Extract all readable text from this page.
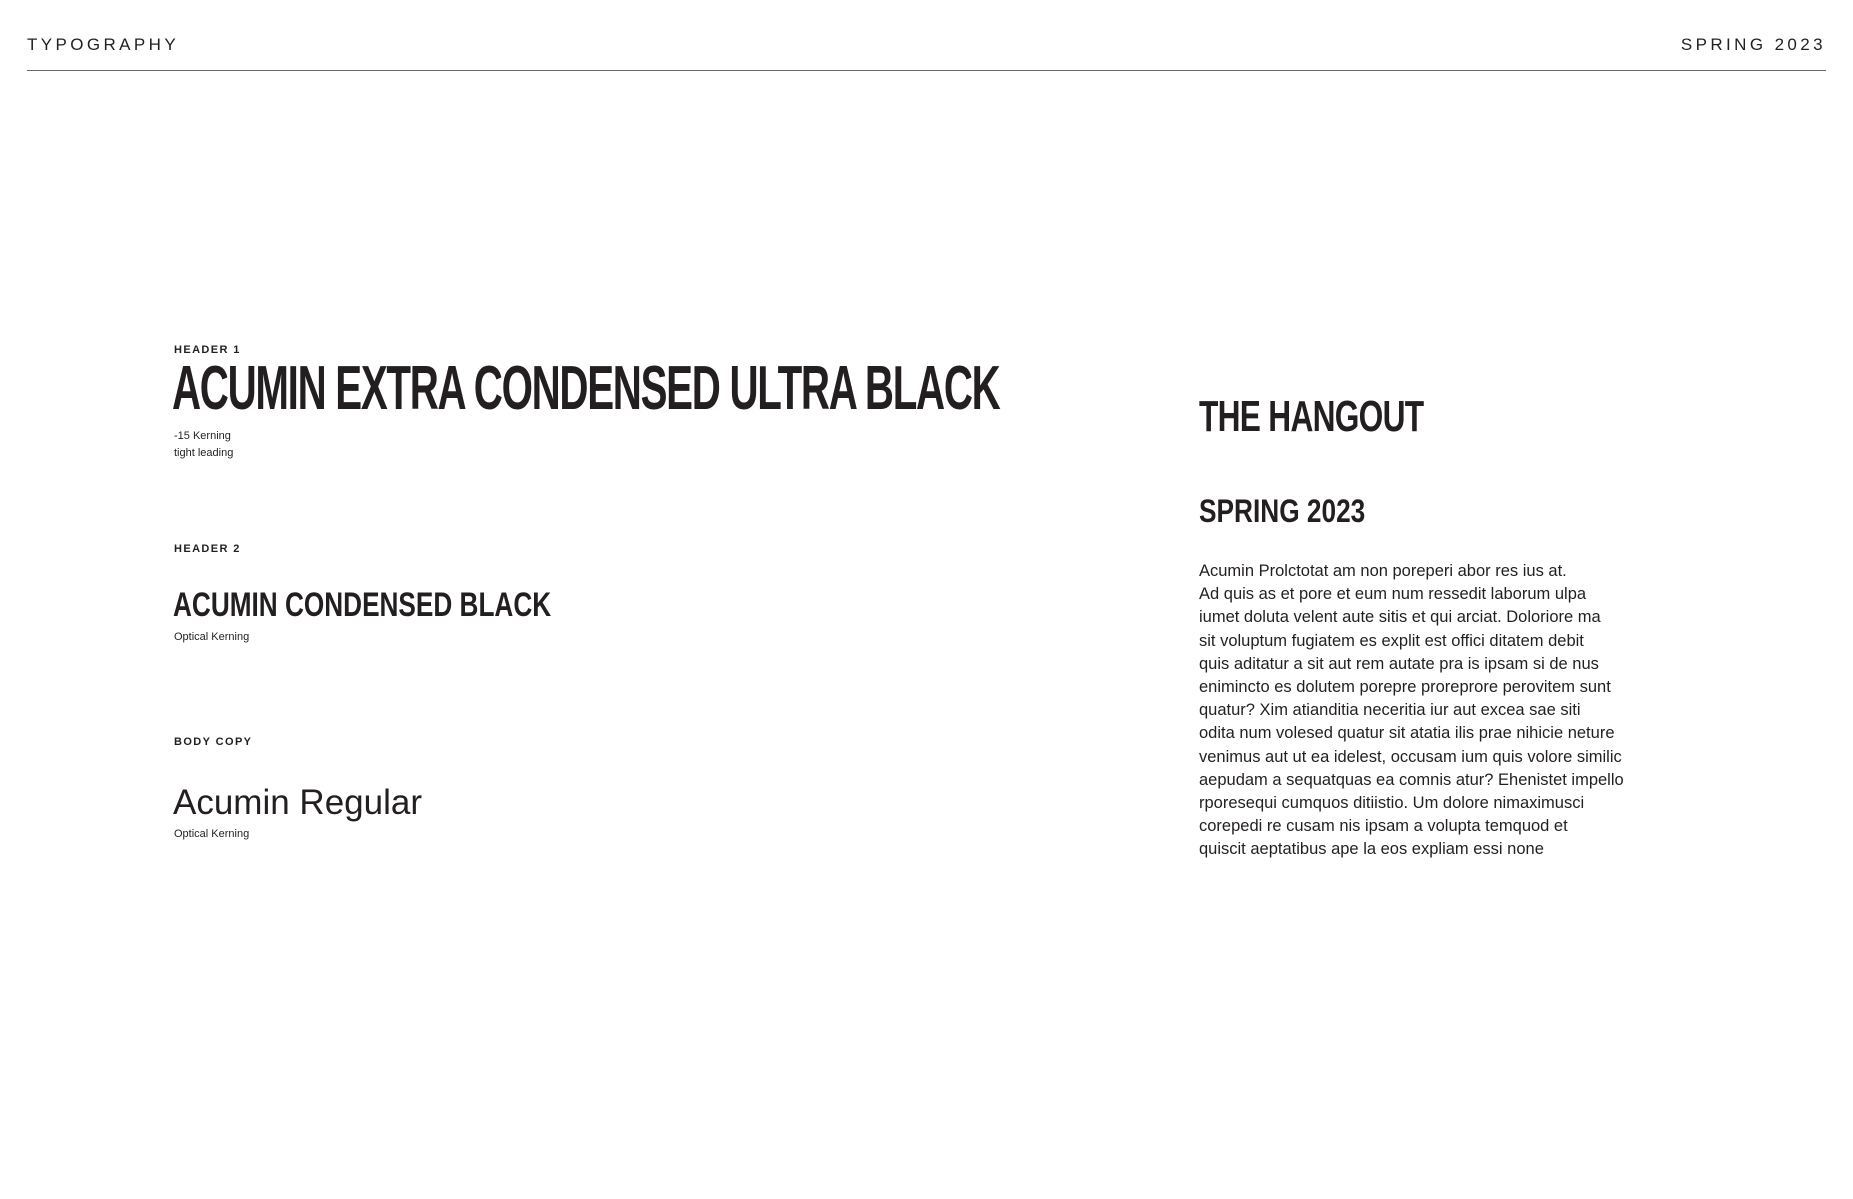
TYPOGRAPHY	SPRING 2023
HEADER 1
ACUMIN EXTRA CONDENSED ULTRA BLACK
-15 Kerning
tight leading
HEADER 2
ACUMIN CONDENSED BLACK
Optical Kerning
BODY COPY
Acumin Regular
Optical Kerning
THE HANGOUT
SPRING 2023
Acumin Prolctotat am non poreperi abor res ius at.
Ad quis as et pore et eum num ressedit laborum ulpa
iumet doluta velent aute sitis et qui arciat. Doloriore ma
sit voluptum fugiatem es explit est offici ditatem debit
quis aditatur a sit aut rem autate pra is ipsam si de nus
enimincto es dolutem porepre proreprore perovitem sunt
quatur? Xim atianditia neceritia iur aut excea sae siti
odita num volesed quatur sit atatia ilis prae nihicie neture
venimus aut ut ea idelest, occusam ium quis volore similic
aepudam a sequatquas ea comnis atur? Ehenistet impello
rporesequi cumquos ditiistio. Um dolore nimaximusci
corepedi re cusam nis ipsam a volupta temquod et
quiscit aeptatibus ape la eos expliam essi none
